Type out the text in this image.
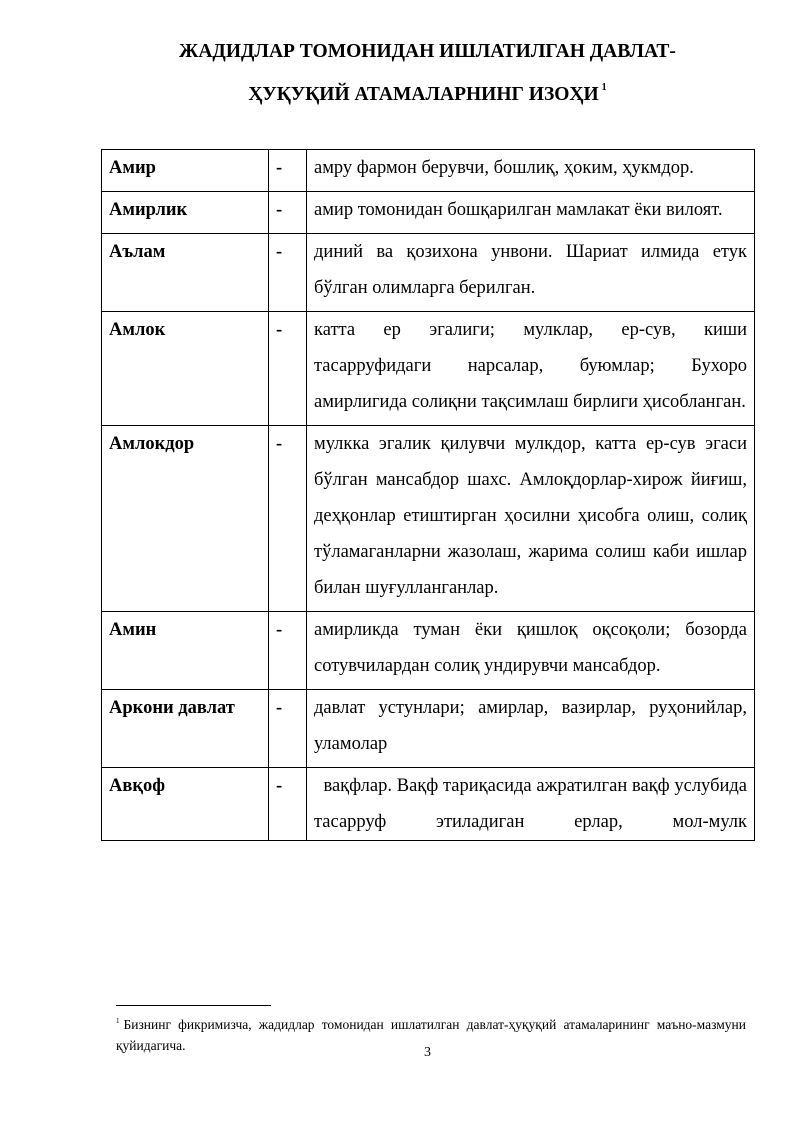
ЖАДИДЛАР ТОМОНИДАН ИШЛАТИЛГАН ДАВЛАТ-
ҲУҚУҚИЙ АТАМАЛАРНИНГ ИЗОҲИ $^1$
Амир	-	амру фармон берувчи, бошлиқ, ҳоким, ҳукмдор.
Амирлик	-	амир томонидан бошқарилган мамлакат ёки вилоят.
Аълам	-	диний ва қозихона унвони. Шариат илмида етук бўлган олимларга берилган.
Амлок	-	катта ер эгалиги; мулклар, ер-сув, киши тасарруфидаги нарсалар, буюмлар; Бухоро амирлигида солиқни тақсимлаш бирлиги ҳисобланган.
Амлокдор	-	мулкка эгалик қилувчи мулкдор, катта ер-сув эгаси бўлган мансабдор шахс. Амлоқдорлар-хирож йиғиш, деҳқонлар етиштирган ҳосилни ҳисобга олиш, солиқ тўламаганларни жазолаш, жарима солиш каби ишлар билан шуғулланганлар.
Амин	-	амирликда туман ёки қишлоқ оқсоқоли; бозорда сотувчилардан солиқ ундирувчи мансабдор.
Аркони давлат	-	давлат устунлари; амирлар, вазирлар, руҳонийлар, уламолар
Авқоф	-	вақфлар. Вақф тариқасида ажратилган вақф услубида тасарруф этиладиган ерлар, мол-мулк
$^1$ Бизнинг фикримизча, жадидлар томонидан ишлатилган давлат-ҳуқуқий атамаларининг маъно-мазмуни қуйидагича.	3
